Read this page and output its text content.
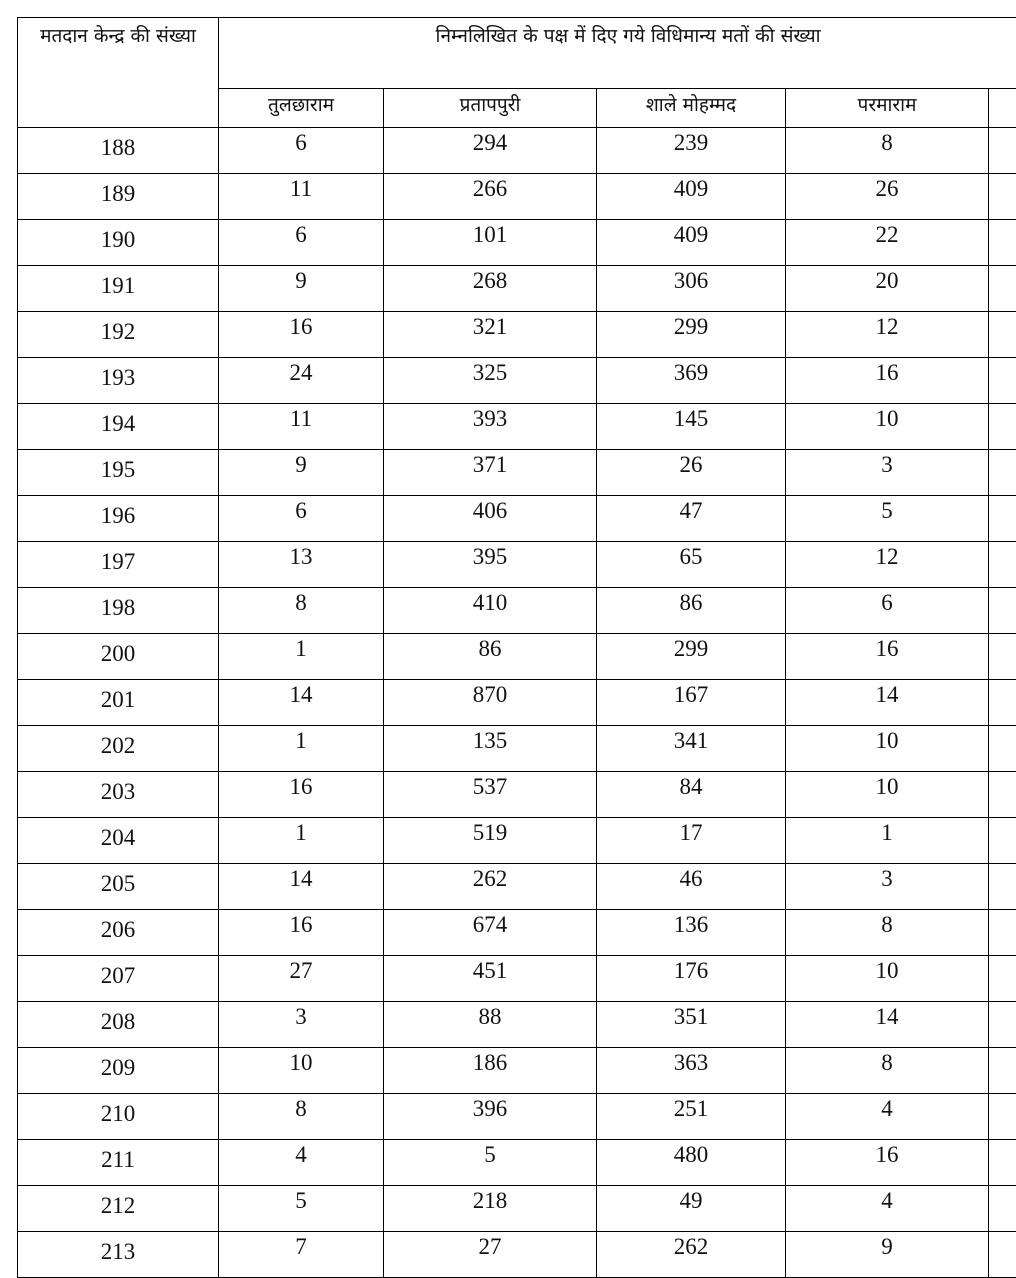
मतदान केन्द्र की संख्या	निम्नलिखित के पक्ष में दिए गये विधिमान्य मतों की संख्या				
	तुलछाराम	प्रतापपुरी	शाले मोहम्मद	परमाराम	
188	6	294	239	8	
189	11	266	409	26	
190	6	101	409	22	
191	9	268	306	20	
192	16	321	299	12	
193	24	325	369	16	
194	11	393	145	10	
195	9	371	26	3	
196	6	406	47	5	
197	13	395	65	12	
198	8	410	86	6	
200	1	86	299	16	
201	14	870	167	14	
202	1	135	341	10	
203	16	537	84	10	
204	1	519	17	1	
205	14	262	46	3	
206	16	674	136	8	
207	27	451	176	10	
208	3	88	351	14	
209	10	186	363	8	
210	8	396	251	4	
211	4	5	480	16	
212	5	218	49	4	
213	7	27	262	9	
